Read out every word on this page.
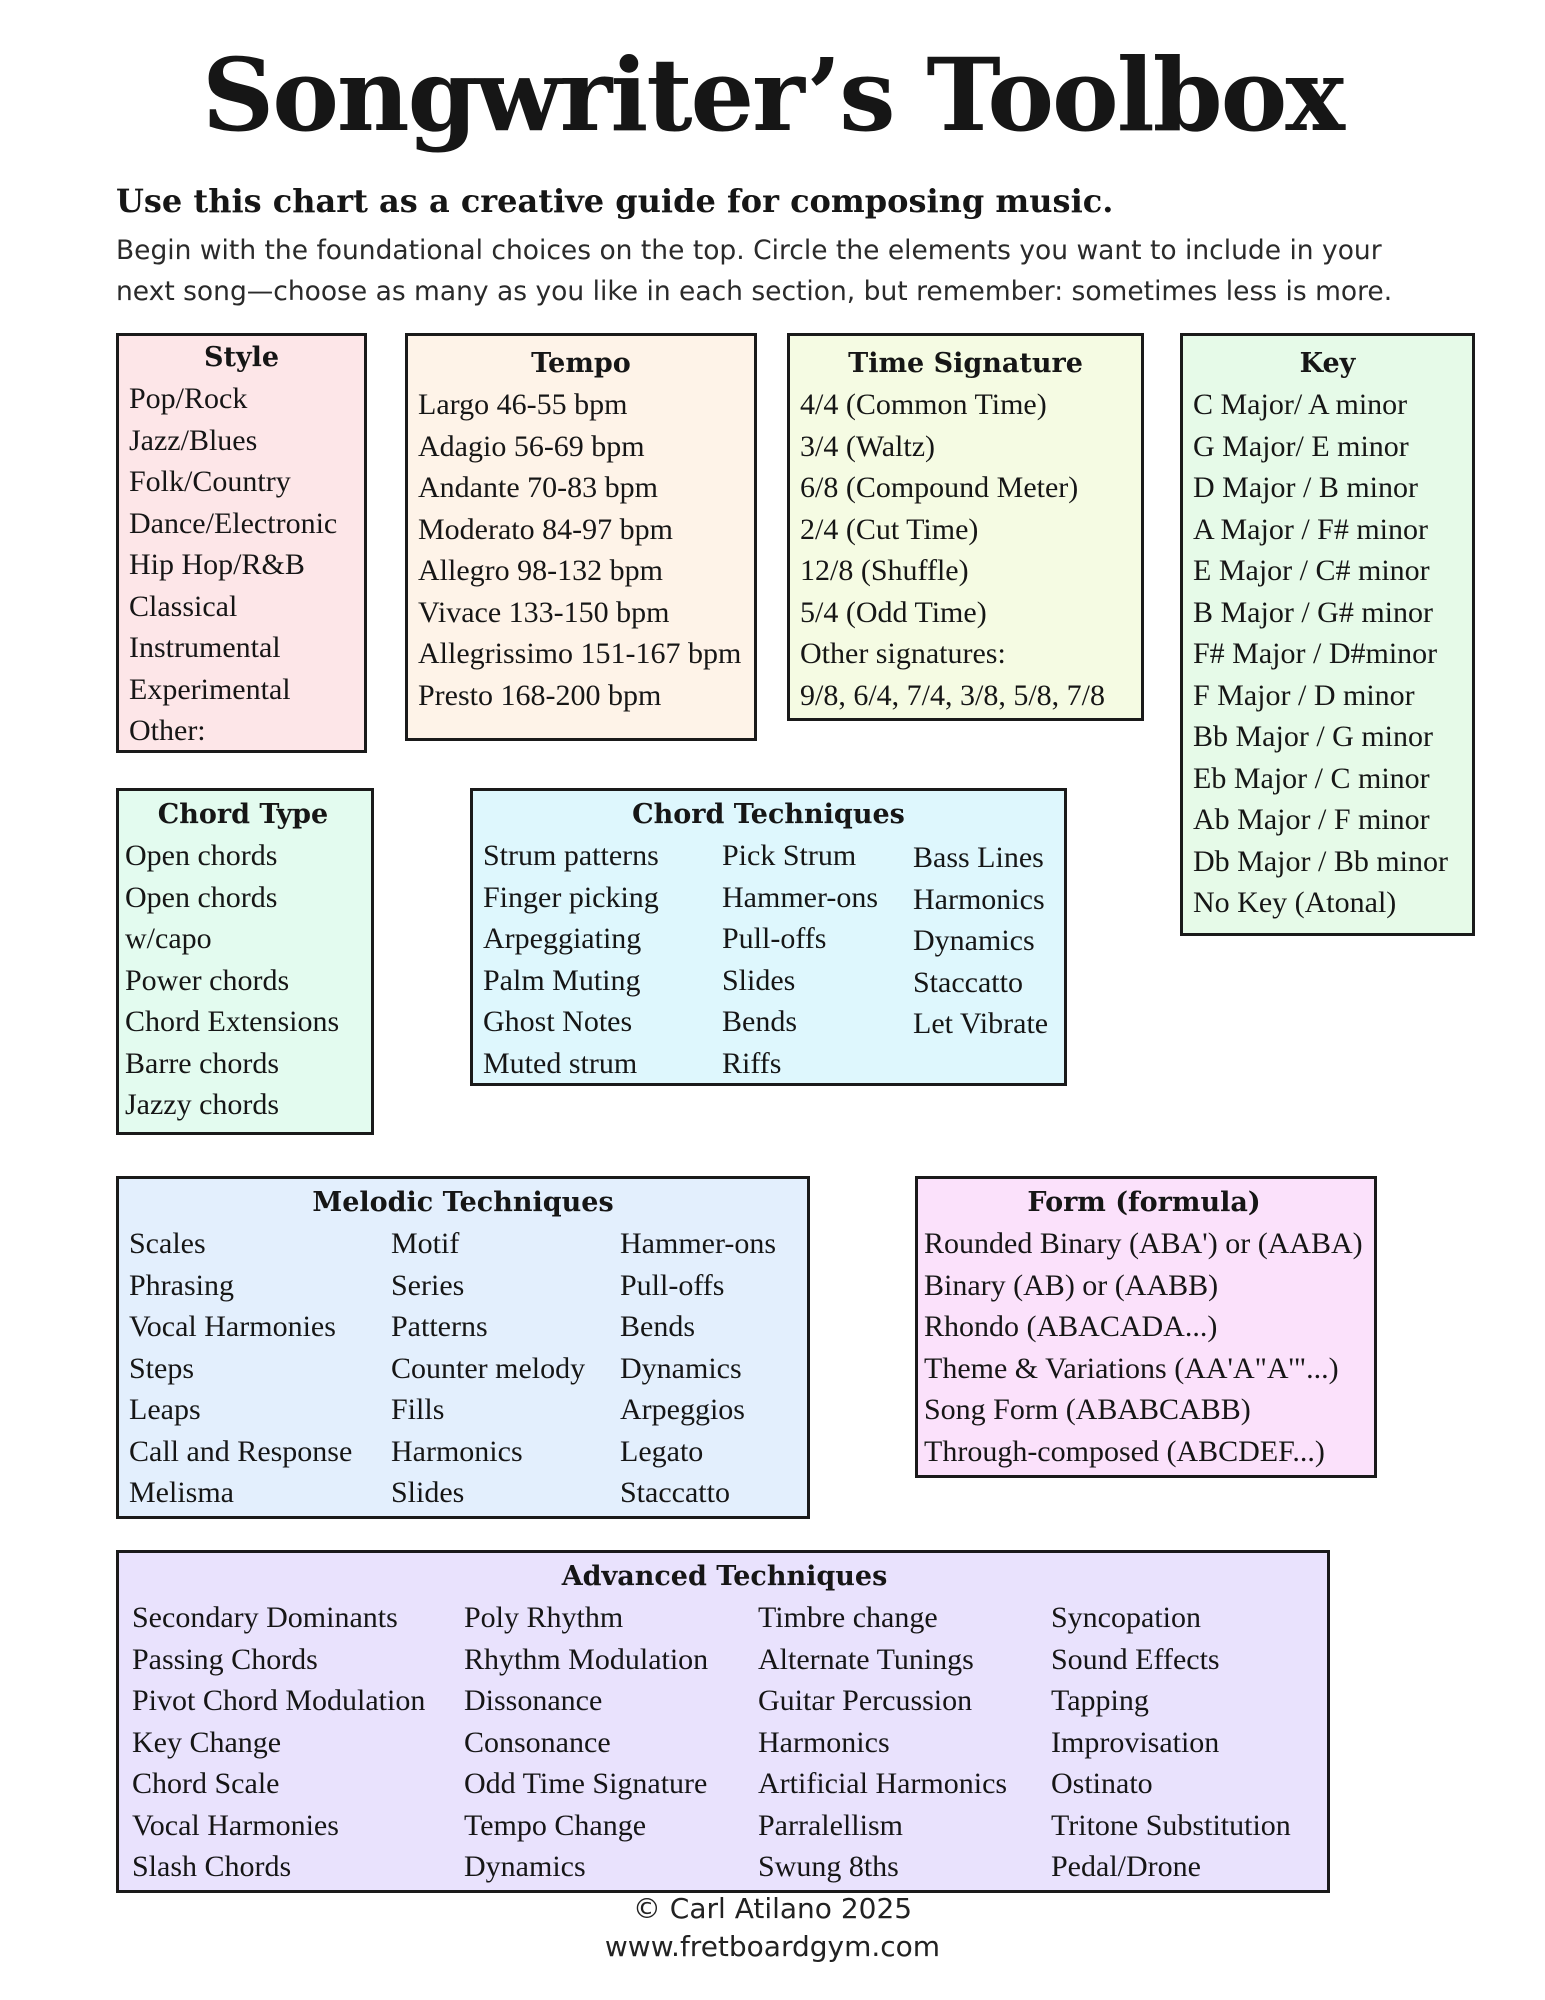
Songwriter’s Toolbox
Use this chart as a creative guide for composing music.
Begin with the foundational choices on the top. Circle the elements you want to include in your
next song—choose as many as you like in each section, but remember: sometimes less is more.
Style
Pop/Rock
Jazz/Blues
Folk/Country
Dance/Electronic
Hip Hop/R&B
Classical
Instrumental
Experimental
Other:
Tempo
Largo 46-55 bpm
Adagio 56-69 bpm
Andante 70-83 bpm
Moderato 84-97 bpm
Allegro 98-132 bpm
Vivace 133-150 bpm
Allegrissimo 151-167 bpm
Presto 168-200 bpm
Time Signature
4/4 (Common Time)
3/4 (Waltz)
6/8 (Compound Meter)
2/4 (Cut Time)
12/8 (Shuffle)
5/4 (Odd Time)
Other signatures:
9/8, 6/4, 7/4, 3/8, 5/8, 7/8
Key
C Major/ A minor
G Major/ E minor
D Major / B minor
A Major / F# minor
E Major / C# minor
B Major / G# minor
F# Major / D#minor
F Major / D minor
Bb Major / G minor
Eb Major / C minor
Ab Major / F minor
Db Major / Bb minor
No Key (Atonal)
Chord Type
Open chords
Open chords
w/capo
Power chords
Chord Extensions
Barre chords
Jazzy chords
Chord Techniques
Strum patterns
Finger picking
Arpeggiating
Palm Muting
Ghost Notes
Muted strum
Pick Strum
Hammer-ons
Pull-offs
Slides
Bends
Riffs
Bass Lines
Harmonics
Dynamics
Staccatto
Let Vibrate
Melodic Techniques
Scales
Phrasing
Vocal Harmonies
Steps
Leaps
Call and Response
Melisma
Motif
Series
Patterns
Counter melody
Fills
Harmonics
Slides
Hammer-ons
Pull-offs
Bends
Dynamics
Arpeggios
Legato
Staccatto
Form (formula)
Rounded Binary (ABA') or (AABA)
Binary (AB) or (AABB)
Rhondo (ABACADA...)
Theme & Variations (AA'A"A'"...)
Song Form (ABABCABB)
Through-composed (ABCDEF...)
Advanced Techniques
Secondary Dominants
Passing Chords
Pivot Chord Modulation
Key Change
Chord Scale
Vocal Harmonies
Slash Chords
Poly Rhythm
Rhythm Modulation
Dissonance
Consonance
Odd Time Signature
Tempo Change
Dynamics
Timbre change
Alternate Tunings
Guitar Percussion
Harmonics
Artificial Harmonics
Parralellism
Swung 8ths
Syncopation
Sound Effects
Tapping
Improvisation
Ostinato
Tritone Substitution
Pedal/Drone
© Carl Atilano 2025
www.fretboardgym.com
